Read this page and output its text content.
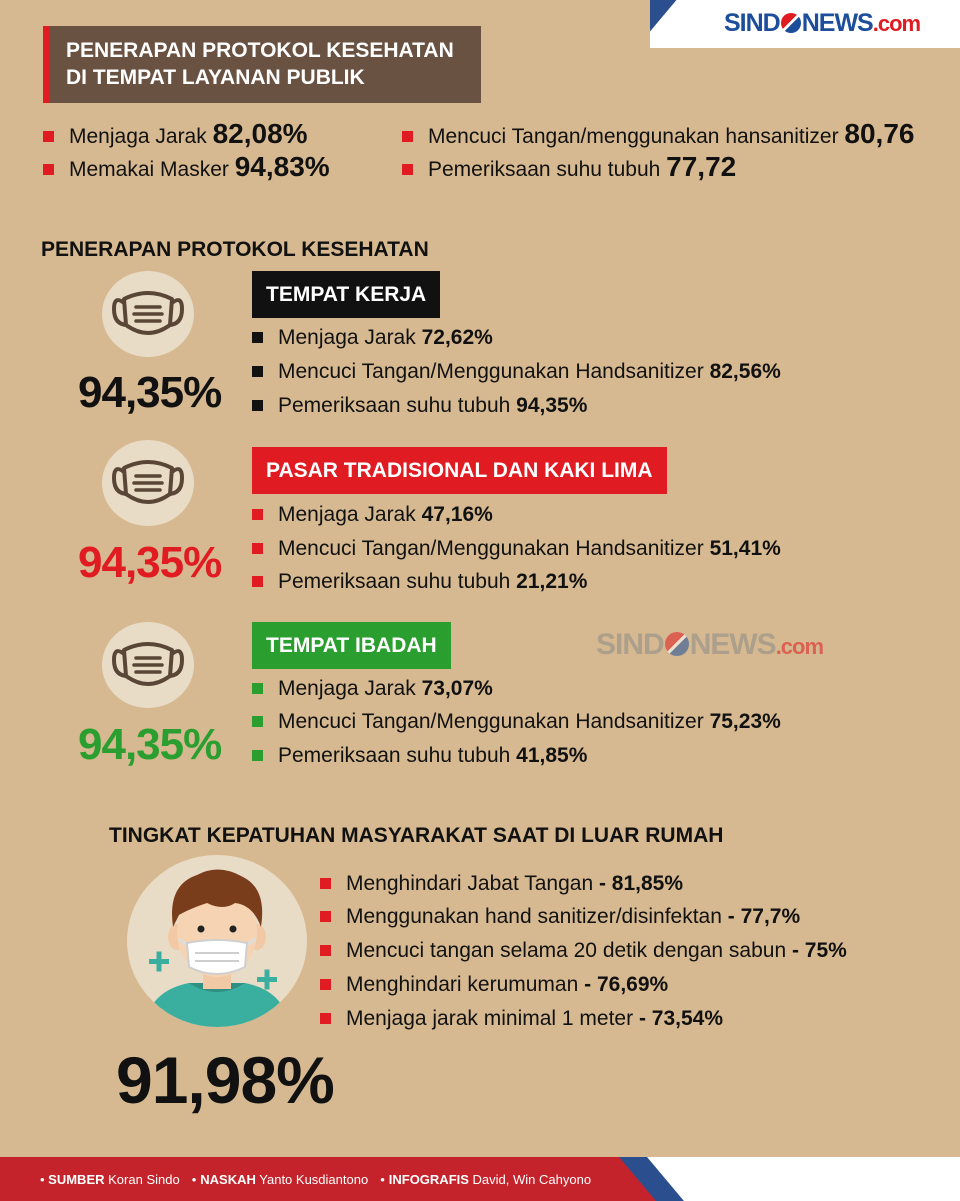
SIND NEWS.com
PENERAPAN PROTOKOL KESEHATAN
DI TEMPAT LAYANAN PUBLIK
Menjaga Jarak 82,08%
Memakai Masker 94,83%
Mencuci Tangan/menggunakan hansanitizer 80,76
Pemeriksaan suhu tubuh 77,72
PENERAPAN PROTOKOL KESEHATAN
94,35%
TEMPAT KERJA
Menjaga Jarak 72,62%
Mencuci Tangan/Menggunakan Handsanitizer 82,56%
Pemeriksaan suhu tubuh 94,35%
94,35%
PASAR TRADISIONAL DAN KAKI LIMA
Menjaga Jarak 47,16%
Mencuci Tangan/Menggunakan Handsanitizer 51,41%
Pemeriksaan suhu tubuh 21,21%
94,35%
TEMPAT IBADAH
Menjaga Jarak 73,07%
Mencuci Tangan/Menggunakan Handsanitizer 75,23%
Pemeriksaan suhu tubuh 41,85%
SIND NEWS.com
TINGKAT KEPATUHAN MASYARAKAT SAAT DI LUAR RUMAH
Menghindari Jabat Tangan - 81,85%
Menggunakan hand sanitizer/disinfektan - 77,7%
Mencuci tangan selama 20 detik dengan sabun - 75%
Menghindari kerumuman - 76,69%
Menjaga jarak minimal 1 meter - 73,54%
91,98%
• SUMBER Koran Sindo • NASKAH Yanto Kusdiantono • INFOGRAFIS David, Win Cahyono
